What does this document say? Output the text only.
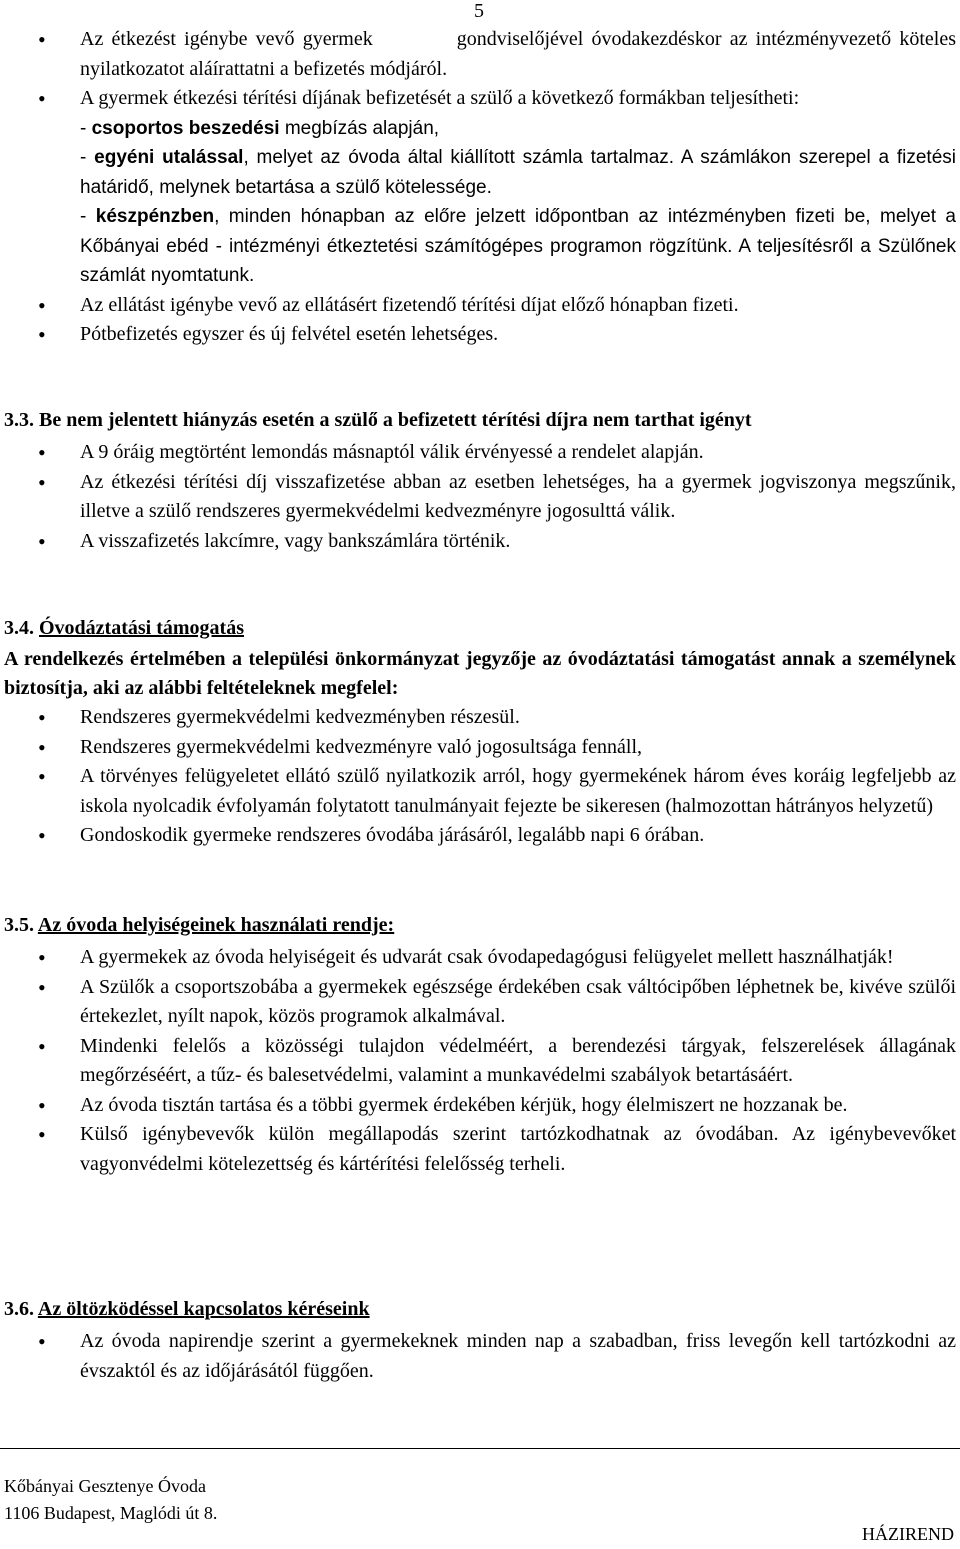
5
• Az étkezést igénybe vevő gyermek	gondviselőjével óvodakezdéskor az intézményvezető köteles nyilatkozatot aláírattatni a befizetés módjáról.
• A gyermek étkezési térítési díjának befizetését a szülő a következő formákban teljesítheti:
- csoportos beszedési megbízás alapján,
- egyéni utalással, melyet az óvoda által kiállított számla tartalmaz. A számlákon szerepel a fizetési határidő, melynek betartása a szülő kötelessége.
- készpénzben, minden hónapban az előre jelzett időpontban az intézményben fizeti be, melyet a Kőbányai ebéd - intézményi étkeztetési számítógépes programon rögzítünk. A teljesítésről a Szülőnek számlát nyomtatunk.
• Az ellátást igénybe vevő az ellátásért fizetendő térítési díjat előző hónapban fizeti.
• Pótbefizetés egyszer és új felvétel esetén lehetséges.
3.3. Be nem jelentett hiányzás esetén a szülő a befizetett térítési díjra nem tarthat igényt
• A 9 óráig megtörtént lemondás másnaptól válik érvényessé a rendelet alapján.
• Az étkezési térítési díj visszafizetése abban az esetben lehetséges, ha a gyermek jogviszonya megszűnik, illetve a szülő rendszeres gyermekvédelmi kedvezményre jogosulttá válik.
• A visszafizetés lakcímre, vagy bankszámlára történik.
3.4. Óvodáztatási támogatás
A rendelkezés értelmében a települési önkormányzat jegyzője az óvodáztatási támogatást annak a személynek biztosítja, aki az alábbi feltételeknek megfelel:
• Rendszeres gyermekvédelmi kedvezményben részesül.
• Rendszeres gyermekvédelmi kedvezményre való jogosultsága fennáll,
• A törvényes felügyeletet ellátó szülő nyilatkozik arról, hogy gyermekének három éves koráig legfeljebb az iskola nyolcadik évfolyamán folytatott tanulmányait fejezte be sikeresen (halmozottan hátrányos helyzetű)
• Gondoskodik gyermeke rendszeres óvodába járásáról, legalább napi 6 órában.
3.5. Az óvoda helyiségeinek használati rendje:
• A gyermekek az óvoda helyiségeit és udvarát csak óvodapedagógusi felügyelet mellett használhatják!
• A Szülők a csoportszobába a gyermekek egészsége érdekében csak váltócipőben léphetnek be, kivéve szülői értekezlet, nyílt napok, közös programok alkalmával.
• Mindenki felelős a közösségi tulajdon védelméért, a berendezési tárgyak, felszerelések állagának megőrzéséért, a tűz- és balesetvédelmi, valamint a munkavédelmi szabályok betartásáért.
• Az óvoda tisztán tartása és a többi gyermek érdekében kérjük, hogy élelmiszert ne hozzanak be.
• Külső igénybevevők külön megállapodás szerint tartózkodhatnak az óvodában. Az igénybevevőket vagyonvédelmi kötelezettség és kártérítési felelősség terheli.
3.6. Az öltözködéssel kapcsolatos kéréseink
• Az óvoda napirendje szerint a gyermekeknek minden nap a szabadban, friss levegőn kell tartózkodni az évszaktól és az időjárásától függően.
Kőbányai Gesztenye Óvoda
1106 Budapest, Maglódi út 8.
HÁZIREND
